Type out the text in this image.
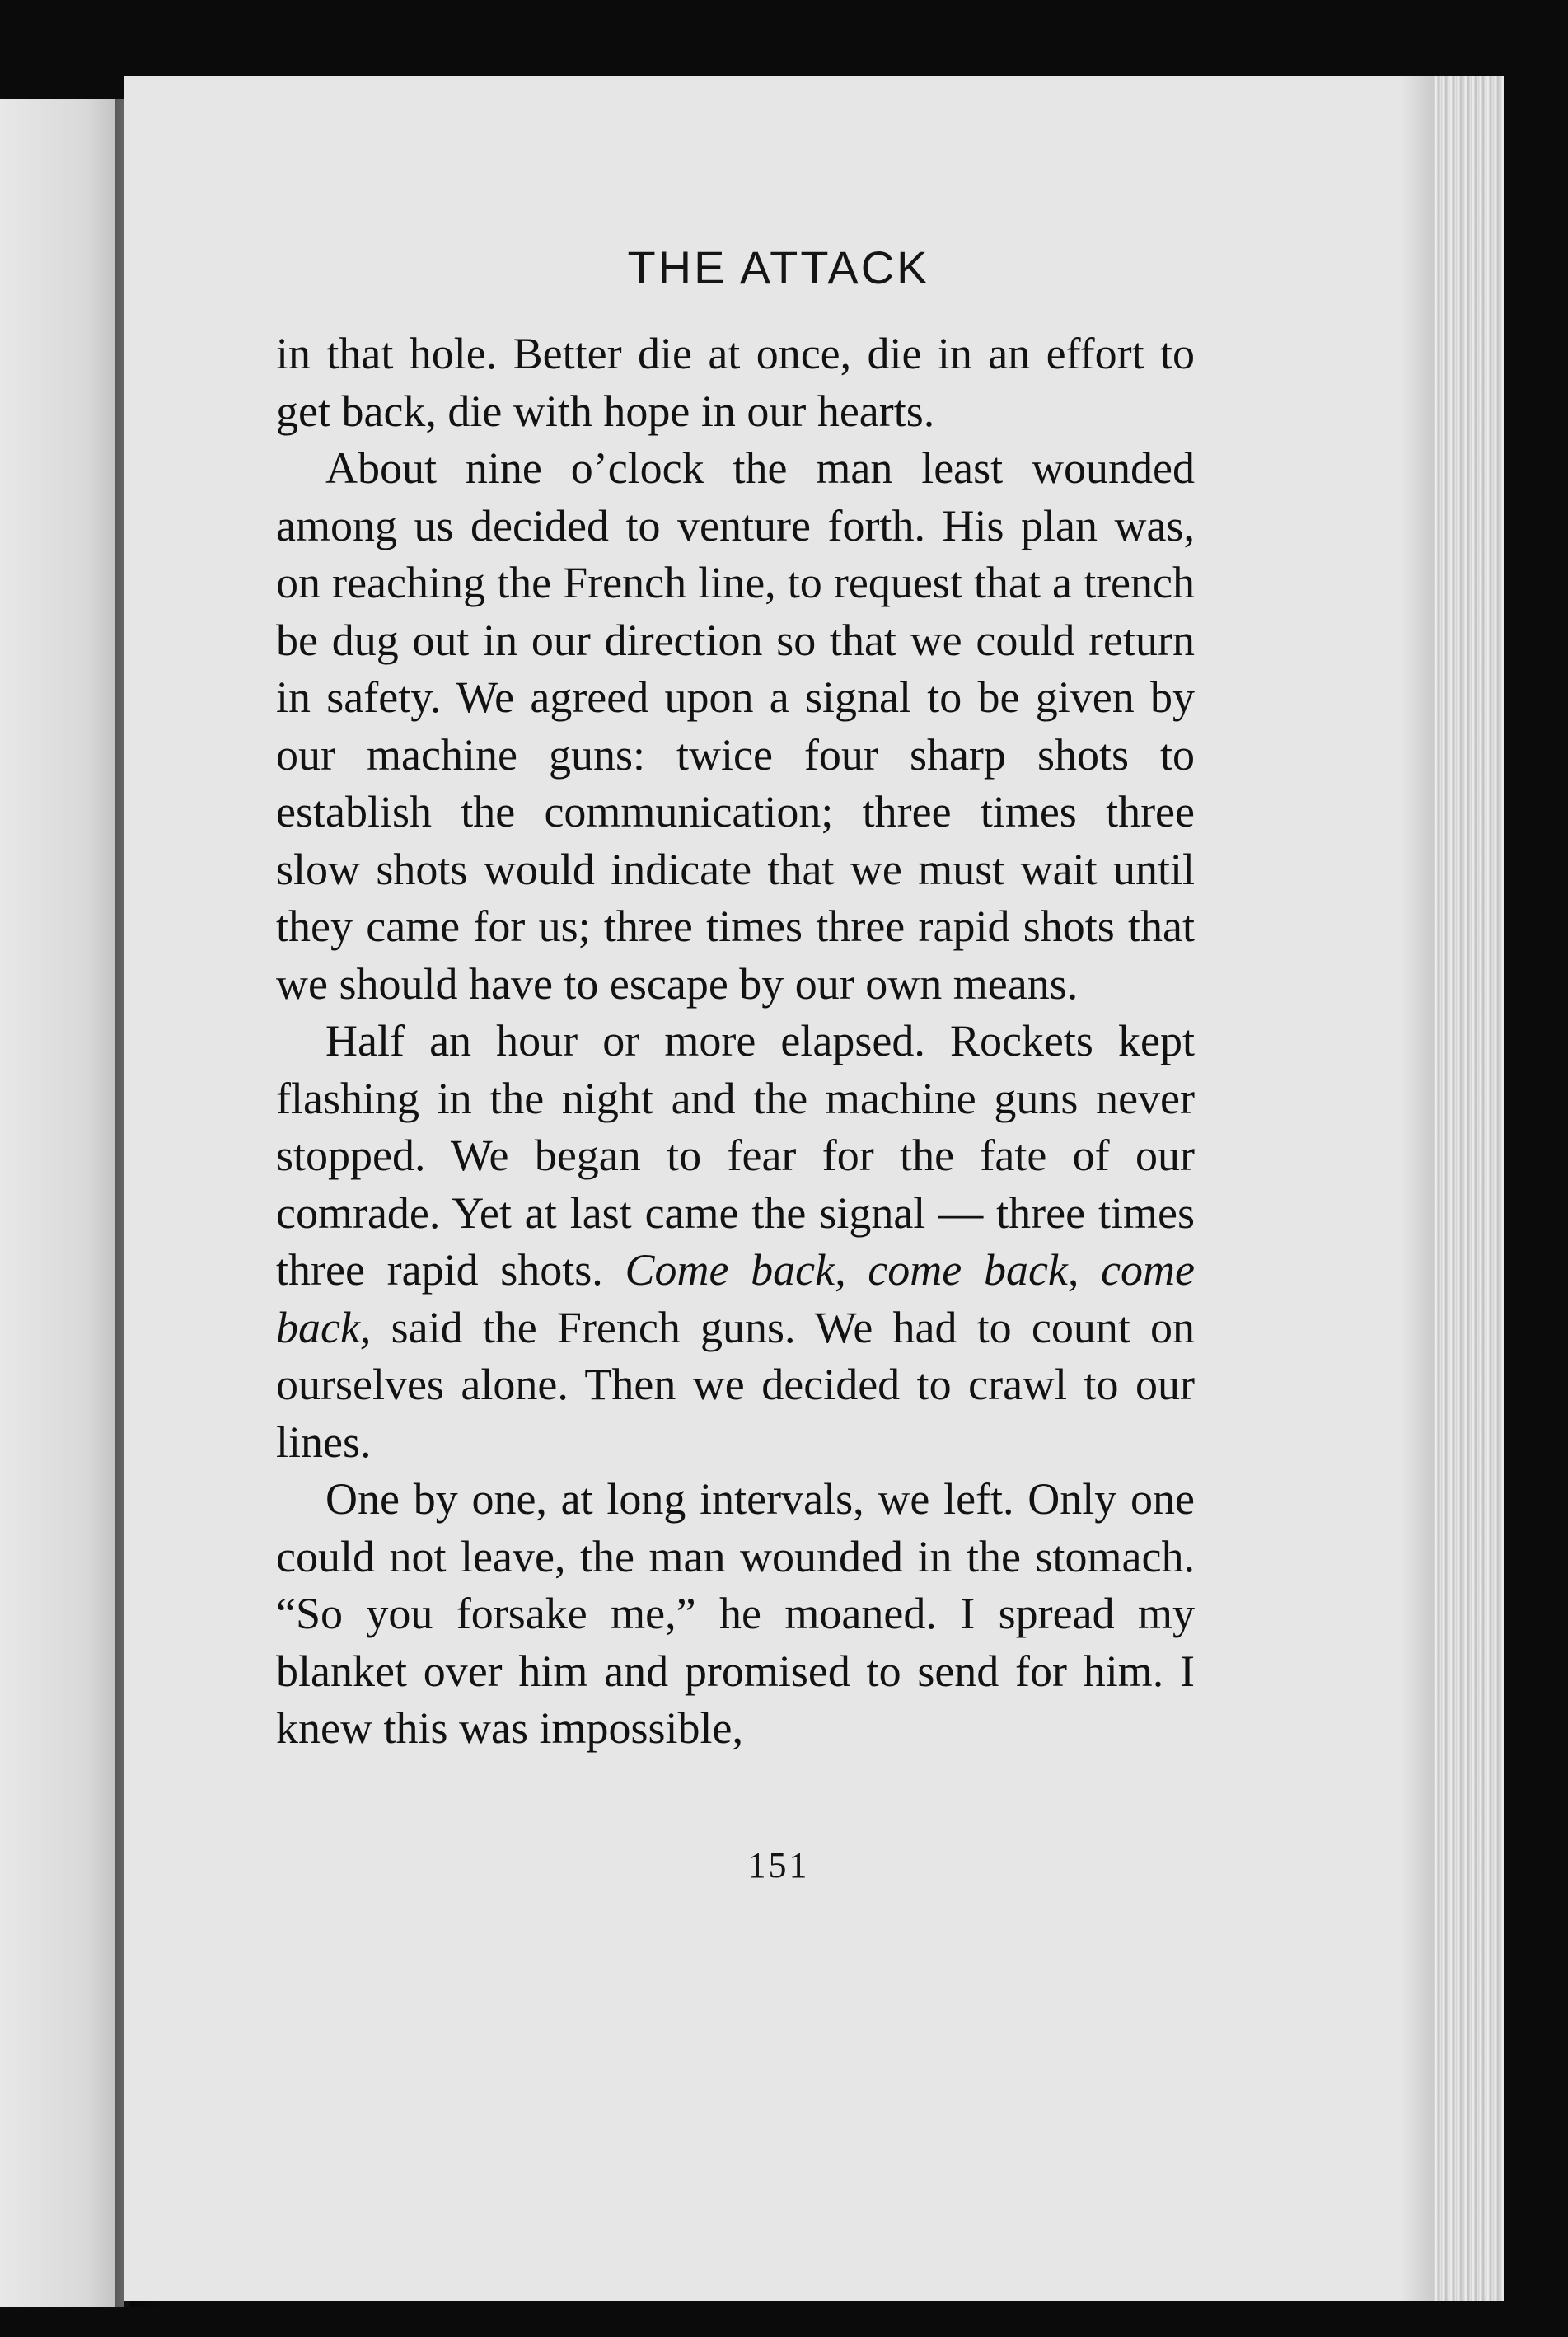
THE ATTACK

in that hole. Better die at once, die in an effort to get back, die with hope in our hearts.

About nine o’clock the man least wounded among us decided to venture forth. His plan was, on reaching the French line, to request that a trench be dug out in our direction so that we could return in safety. We agreed upon a signal to be given by our machine guns: twice four sharp shots to establish the communication; three times three slow shots would indicate that we must wait until they came for us; three times three rapid shots that we should have to escape by our own means.

Half an hour or more elapsed. Rockets kept flashing in the night and the machine guns never stopped. We began to fear for the fate of our comrade. Yet at last came the signal — three times three rapid shots. Come back, come back, come back, said the French guns. We had to count on ourselves alone. Then we decided to crawl to our lines.

One by one, at long intervals, we left. Only one could not leave, the man wounded in the stomach. “So you forsake me,” he moaned. I spread my blanket over him and promised to send for him. I knew this was impossible,

151
